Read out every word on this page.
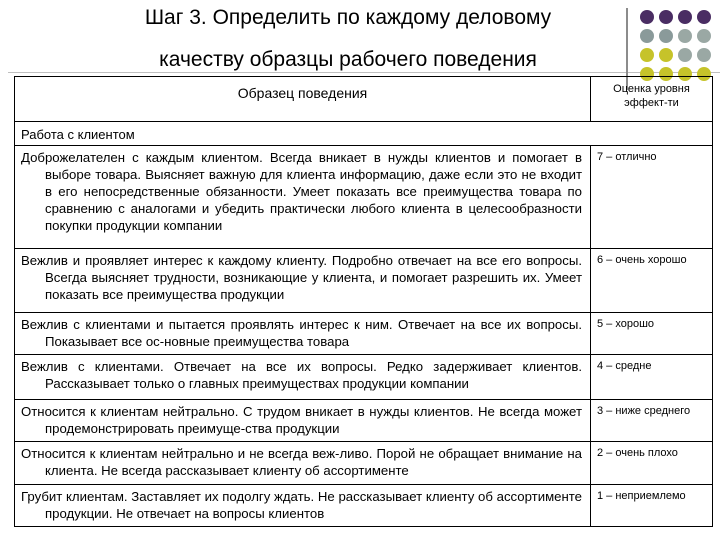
Шаг 3. Определить по каждому деловому
качеству образцы рабочего поведения
Образец поведения	Оценка уровня эффект-ти
Работа с клиентом	

Доброжелателен с каждым клиентом. Всегда вникает в нужды клиентов и помогает в выборе товара. Выясняет важную для клиента информацию, даже если это не входит в его непосредственные обязанности. Умеет показать все преимущества товара по сравнению с аналогами и убедить практически любого клиента в целесообразности покупки продукции компании	7 – отлично

Вежлив и проявляет интерес к каждому клиенту. Подробно отвечает на все его вопросы. Всегда выясняет трудности, возникающие у клиента, и помогает разрешить их. Умеет показать все преимущества продукции	6 – очень хорошо

Вежлив с клиентами и пытается проявлять интерес к ним. Отвечает на все их вопросы. Показывает все ос-новные преимущества товара	5 – хорошо

Вежлив с клиентами. Отвечает на все их вопросы. Редко задерживает клиентов. Рассказывает только о главных преимуществах продукции компании	4 – средне

Относится к клиентам нейтрально. С трудом вникает в нужды клиентов. Не всегда может продемонстрировать преимуще-ства продукции	3 – ниже среднего

Относится к клиентам нейтрально и не всегда веж-ливо. Порой не обращает внимание на клиента. Не всегда рассказывает клиенту об ассортименте	2 – очень плохо

Грубит клиентам. Заставляет их подолгу ждать. Не рассказывает клиенту об ассортименте продукции. Не отвечает на вопросы клиентов	1 – неприемлемо
